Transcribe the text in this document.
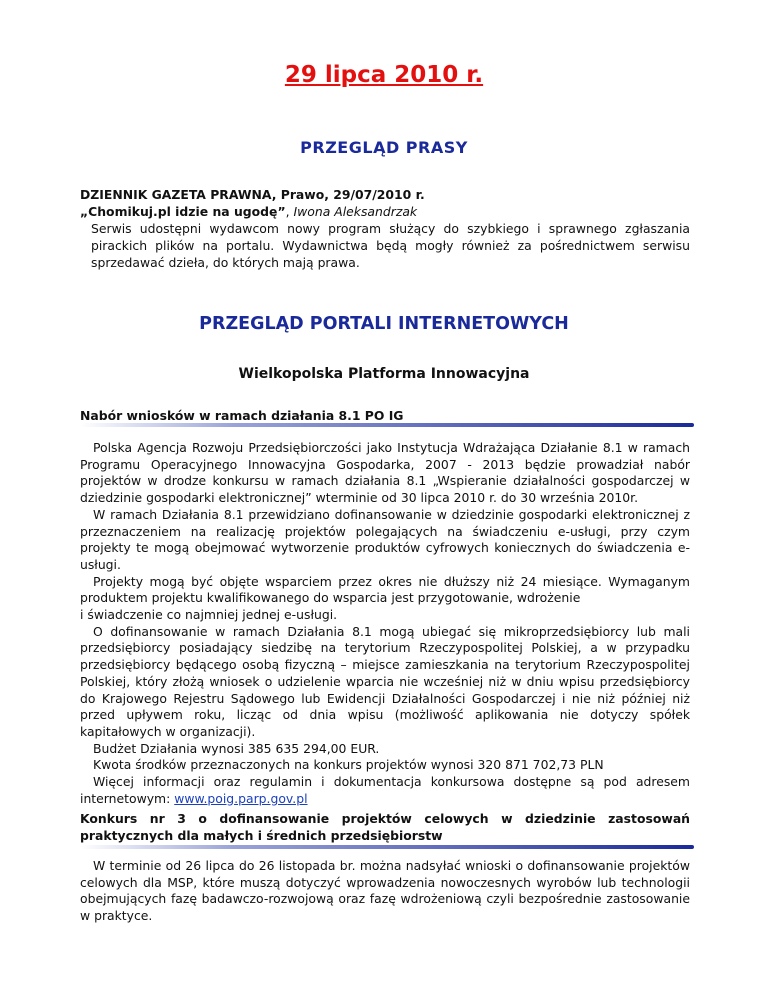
29 lipca 2010 r.
PRZEGLĄD PRASY
DZIENNIK GAZETA PRAWNA, Prawo, 29/07/2010 r.
„Chomikuj.pl idzie na ugodę”, Iwona Aleksandrzak
Serwis udostępni wydawcom nowy program służący do szybkiego i sprawnego zgłaszania pirackich plików na portalu. Wydawnictwa będą mogły również za pośrednictwem serwisu sprzedawać dzieła, do których mają prawa.
PRZEGLĄD PORTALI INTERNETOWYCH
Wielkopolska Platforma Innowacyjna
Nabór wniosków w ramach działania 8.1 PO IG

Polska Agencja Rozwoju Przedsiębiorczości jako Instytucja Wdrażająca Działanie 8.1 w ramach Programu Operacyjnego Innowacyjna Gospodarka, 2007 - 2013 będzie prowadział nabór projektów w drodze konkursu w ramach działania 8.1 „Wspieranie działalności gospodarczej w dziedzinie gospodarki elektronicznej” wterminie od 30 lipca 2010 r. do 30 września 2010r.

W ramach Działania 8.1 przewidziano dofinansowanie w dziedzinie gospodarki elektronicznej z przeznaczeniem na realizację projektów polegających na świadczeniu e-usługi, przy czym projekty te mogą obejmować wytworzenie produktów cyfrowych koniecznych do świadczenia e-usługi.

Projekty mogą być objęte wsparciem przez okres nie dłuższy niż 24 miesiące. Wymaganym produktem projektu kwalifikowanego do wsparcia jest przygotowanie, wdrożenie

i świadczenie co najmniej jednej e-usługi.

O dofinansowanie w ramach Działania 8.1 mogą ubiegać się mikroprzedsiębiorcy lub mali przedsiębiorcy posiadający siedzibę na terytorium Rzeczypospolitej Polskiej, a w przypadku przedsiębiorcy będącego osobą fizyczną – miejsce zamieszkania na terytorium Rzeczypospolitej Polskiej, który złożą wniosek o udzielenie wparcia nie wcześniej niż w dniu wpisu przedsiębiorcy do Krajowego Rejestru Sądowego lub Ewidencji Działalności Gospodarczej i nie niż później niż przed upływem roku, licząc od dnia wpisu (możliwość aplikowania nie dotyczy spółek kapitałowych w organizacji).

Budżet Działania wynosi 385 635 294,00 EUR.

Kwota środków przeznaczonych na konkurs projektów wynosi 320 871 702,73 PLN

Więcej informacji oraz regulamin i dokumentacja konkursowa dostępne są pod adresem internetowym: www.poig.parp.gov.pl

Konkurs nr 3 o dofinansowanie projektów celowych w dziedzinie zastosowań praktycznych dla małych i średnich przedsiębiorstw

W terminie od 26 lipca do 26 listopada br. można nadsyłać wnioski o dofinansowanie projektów celowych dla MSP, które muszą dotyczyć wprowadzenia nowoczesnych wyrobów lub technologii obejmujących fazę badawczo-rozwojową oraz fazę wdrożeniową czyli bezpośrednie zastosowanie w praktyce.
